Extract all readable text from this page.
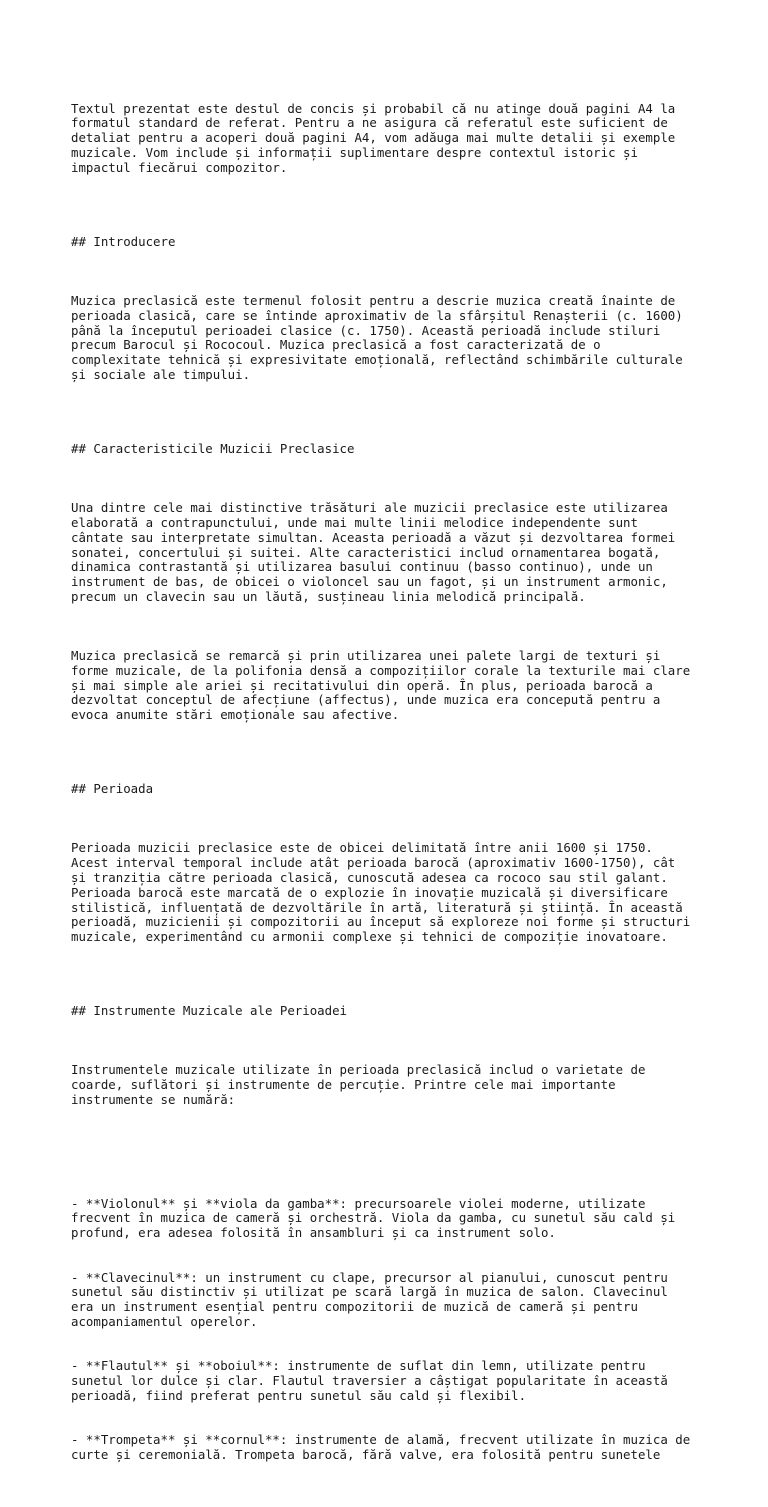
Textul prezentat este destul de concis și probabil că nu atinge două pagini A4 la
formatul standard de referat. Pentru a ne asigura că referatul este suficient de
detaliat pentru a acoperi două pagini A4, vom adăuga mai multe detalii și exemple
muzicale. Vom include și informații suplimentare despre contextul istoric și
impactul fiecărui compozitor.

## Introducere

Muzica preclasică este termenul folosit pentru a descrie muzica creată înainte de
perioada clasică, care se întinde aproximativ de la sfârșitul Renașterii (c. 1600)
până la începutul perioadei clasice (c. 1750). Această perioadă include stiluri
precum Barocul și Rococoul. Muzica preclasică a fost caracterizată de o
complexitate tehnică și expresivitate emoțională, reflectând schimbările culturale
și sociale ale timpului.

## Caracteristicile Muzicii Preclasice

Una dintre cele mai distinctive trăsături ale muzicii preclasice este utilizarea
elaborată a contrapunctului, unde mai multe linii melodice independente sunt
cântate sau interpretate simultan. Aceasta perioadă a văzut și dezvoltarea formei
sonatei, concertului și suitei. Alte caracteristici includ ornamentarea bogată,
dinamica contrastantă și utilizarea basului continuu (basso continuo), unde un
instrument de bas, de obicei o violoncel sau un fagot, și un instrument armonic,
precum un clavecin sau un lăută, susțineau linia melodică principală.

Muzica preclasică se remarcă și prin utilizarea unei palete largi de texturi și
forme muzicale, de la polifonia densă a compozițiilor corale la texturile mai clare
și mai simple ale ariei și recitativului din operă. În plus, perioada barocă a
dezvoltat conceptul de afecțiune (affectus), unde muzica era concepută pentru a
evoca anumite stări emoționale sau afective.

## Perioada

Perioada muzicii preclasice este de obicei delimitată între anii 1600 și 1750.
Acest interval temporal include atât perioada barocă (aproximativ 1600-1750), cât
și tranziția către perioada clasică, cunoscută adesea ca rococo sau stil galant.
Perioada barocă este marcată de o explozie în inovație muzicală și diversificare
stilistică, influențată de dezvoltările în artă, literatură și știință. În această
perioadă, muzicienii și compozitorii au început să exploreze noi forme și structuri
muzicale, experimentând cu armonii complexe și tehnici de compoziție inovatoare.

## Instrumente Muzicale ale Perioadei

Instrumentele muzicale utilizate în perioada preclasică includ o varietate de
coarde, suflători și instrumente de percuție. Printre cele mai importante
instrumente se numără:

- **Violonul** și **viola da gamba**: precursoarele violei moderne, utilizate
frecvent în muzica de cameră și orchestră. Viola da gamba, cu sunetul său cald și
profund, era adesea folosită în ansambluri și ca instrument solo.

- **Clavecinul**: un instrument cu clape, precursor al pianului, cunoscut pentru
sunetul său distinctiv și utilizat pe scară largă în muzica de salon. Clavecinul
era un instrument esențial pentru compozitorii de muzică de cameră și pentru
acompaniamentul operelor.

- **Flautul** și **oboiul**: instrumente de suflat din lemn, utilizate pentru
sunetul lor dulce și clar. Flautul traversier a câștigat popularitate în această
perioadă, fiind preferat pentru sunetul său cald și flexibil.

- **Trompeta** și **cornul**: instrumente de alamă, frecvent utilizate în muzica de
curte și ceremonială. Trompeta barocă, fără valve, era folosită pentru sunetele
